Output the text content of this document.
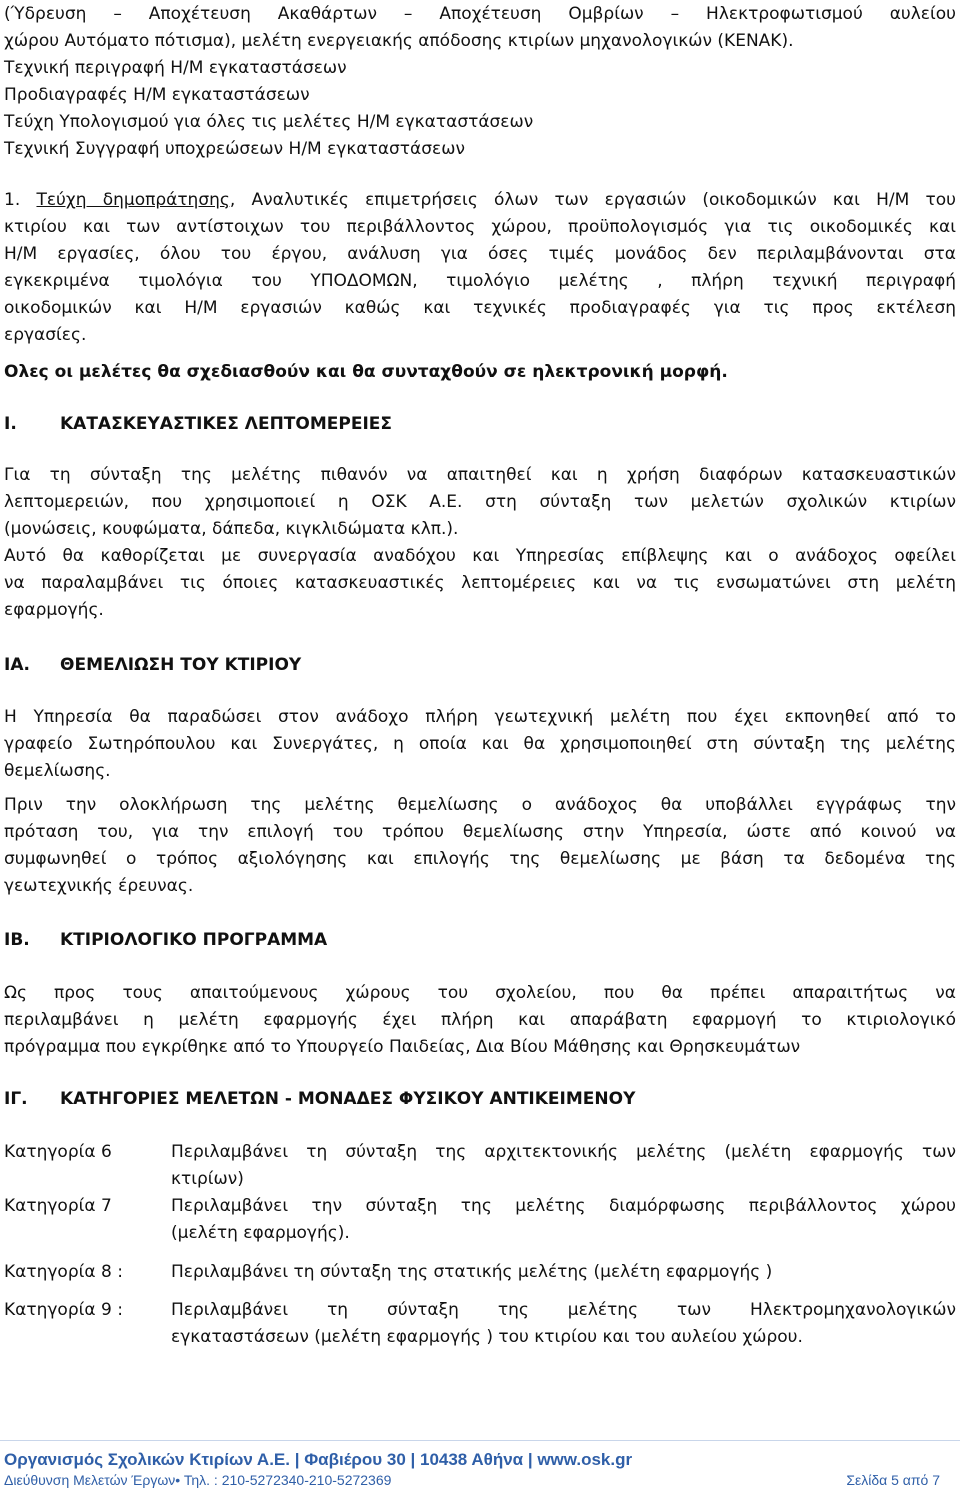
(Ύδρευση – Αποχέτευση Ακαθάρτων – Αποχέτευση Ομβρίων – Ηλεκτροφωτισμού αυλείου
χώρου Αυτόματο πότισμα), μελέτη ενεργειακής απόδοσης κτιρίων μηχανολογικών (ΚΕΝΑΚ).
Τεχνική περιγραφή Η/Μ εγκαταστάσεων
Προδιαγραφές Η/Μ εγκαταστάσεων
Τεύχη Υπολογισμού για όλες τις μελέτες Η/Μ εγκαταστάσεων
Τεχνική Συγγραφή υποχρεώσεων Η/Μ εγκαταστάσεων
1. Τεύχη δημοπράτησης, Αναλυτικές επιμετρήσεις όλων των εργασιών (οικοδομικών και Η/Μ του
κτιρίου και των αντίστοιχων του περιβάλλοντος χώρου, προϋπολογισμός για τις οικοδομικές και
Η/Μ εργασίες, όλου του έργου, ανάλυση για όσες τιμές μονάδος δεν περιλαμβάνονται στα
εγκεκριμένα τιμολόγια του ΥΠΟΔΟΜΩΝ, τιμολόγιο μελέτης , πλήρη τεχνική περιγραφή
οικοδομικών και Η/Μ εργασιών καθώς και τεχνικές προδιαγραφές για τις προς εκτέλεση
εργασίες.
Ολες οι μελέτες θα σχεδιασθούν και θα συνταχθούν σε ηλεκτρονική μορφή.
Ι.	ΚΑΤΑΣΚΕΥΑΣΤΙΚΕΣ ΛΕΠΤΟΜΕΡΕΙΕΣ
Για τη σύνταξη της μελέτης πιθανόν να απαιτηθεί και η χρήση διαφόρων κατασκευαστικών
λεπτομερειών, που χρησιμοποιεί η ΟΣΚ Α.Ε. στη σύνταξη των μελετών σχολικών κτιρίων
(μονώσεις, κουφώματα, δάπεδα, κιγκλιδώματα κλπ.).
Αυτό θα καθορίζεται με συνεργασία αναδόχου και Υπηρεσίας επίβλεψης και ο ανάδοχος οφείλει
να παραλαμβάνει τις όποιες κατασκευαστικές λεπτομέρειες και να τις ενσωματώνει στη μελέτη
εφαρμογής.
ΙΑ. ΘΕΜΕΛΙΩΣΗ ΤΟΥ ΚΤΙΡΙΟΥ
Η Υπηρεσία θα παραδώσει στον ανάδοχο πλήρη γεωτεχνική μελέτη που έχει εκπονηθεί από το
γραφείο Σωτηρόπουλου και Συνεργάτες, η οποία και θα χρησιμοποιηθεί στη σύνταξη της μελέτης
θεμελίωσης.
Πριν την ολοκλήρωση της μελέτης θεμελίωσης ο ανάδοχος θα υποβάλλει εγγράφως την
πρόταση του, για την επιλογή του τρόπου θεμελίωσης στην Υπηρεσία, ώστε από κοινού να
συμφωνηθεί ο τρόπος αξιολόγησης και επιλογής της θεμελίωσης με βάση τα δεδομένα της
γεωτεχνικής έρευνας.
ΙΒ. ΚΤΙΡΙΟΛΟΓΙΚΟ ΠΡΟΓΡΑΜΜΑ
Ως προς τους απαιτούμενους χώρους του σχολείου, που θα πρέπει απαραιτήτως να
περιλαμβάνει η μελέτη εφαρμογής έχει πλήρη και απαράβατη εφαρμογή το κτιριολογικό
πρόγραμμα που εγκρίθηκε από το Υπουργείο Παιδείας, Δια Βίου Μάθησης και Θρησκευμάτων
ΙΓ. ΚΑΤΗΓΟΡΙΕΣ ΜΕΛΕΤΩΝ - ΜΟΝΑΔΕΣ ΦΥΣΙΚΟΥ ΑΝΤΙΚΕΙΜΕΝΟΥ
Κατηγορία 6	Περιλαμβάνει τη σύνταξη της αρχιτεκτονικής μελέτης (μελέτη εφαρμογής των
κτιρίων)
Κατηγορία 7	Περιλαμβάνει την σύνταξη της μελέτης διαμόρφωσης περιβάλλοντος χώρου
(μελέτη εφαρμογής).
Κατηγορία 8 :	Περιλαμβάνει τη σύνταξη της στατικής μελέτης (μελέτη εφαρμογής )
Κατηγορία 9 :	Περιλαμβάνει τη σύνταξη της μελέτης των Ηλεκτρομηχανολογικών
εγκαταστάσεων (μελέτη εφαρμογής ) του κτιρίου και του αυλείου χώρου.
Οργανισμός Σχολικών Κτιρίων Α.Ε. | Φαβιέρου 30 | 10438 Αθήνα | www.osk.gr
Διεύθυνση Μελετών Έργων• Τηλ. : 210-5272340-210-5272369	Σελίδα 5 από 7
